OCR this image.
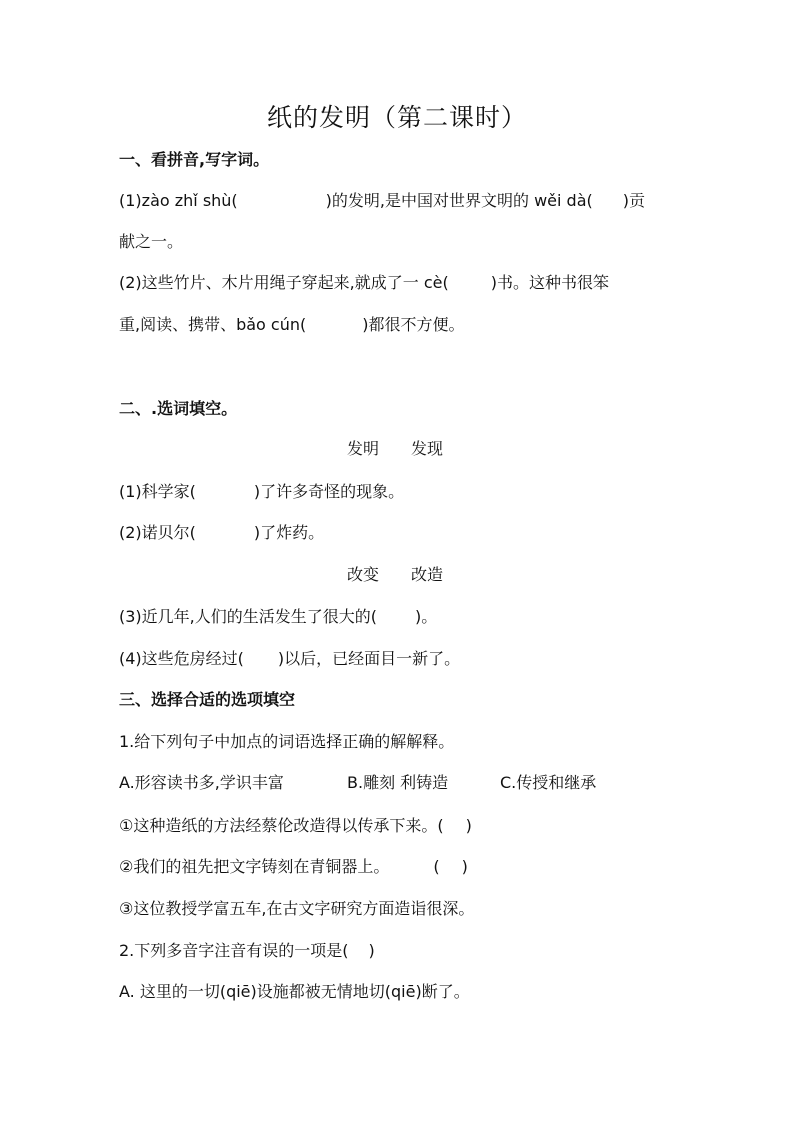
纸的发明（第二课时）
一、看拼音,写字词。
(1)zào zhǐ shù(	)的发明,是中国对世界文明的 wěi dà( )贡
献之一。
(2)这些竹片、木片用绳子穿起来,就成了一 cè(	)书。这种书很笨
重,阅读、携带、bǎo cún(	)都很不方便。
二、.选词填空。
发明 发现
(1)科学家(	)了许多奇怪的现象。
(2)诺贝尔(	)了炸药。
改变 改造
(3)近几年,人们的生活发生了很大的( )。
(4)这些危房经过( )以后，已经面目一新了。
三、选择合适的选项填空
1.给下列句子中加点的词语选择正确的解解释。
A.形容读书多,学识丰富	B.雕刻 利铸造	C.传授和继承
①这种造纸的方法经蔡伦改造得以传承下来。( )
②我们的祖先把文字铸刻在青铜器上。	( )
③这位教授学富五车,在古文字研究方面造诣很深。
2.下列多音字注音有误的一项是( )
A. 这里的一切(qiē)设施都被无情地切(qiē)断了。
